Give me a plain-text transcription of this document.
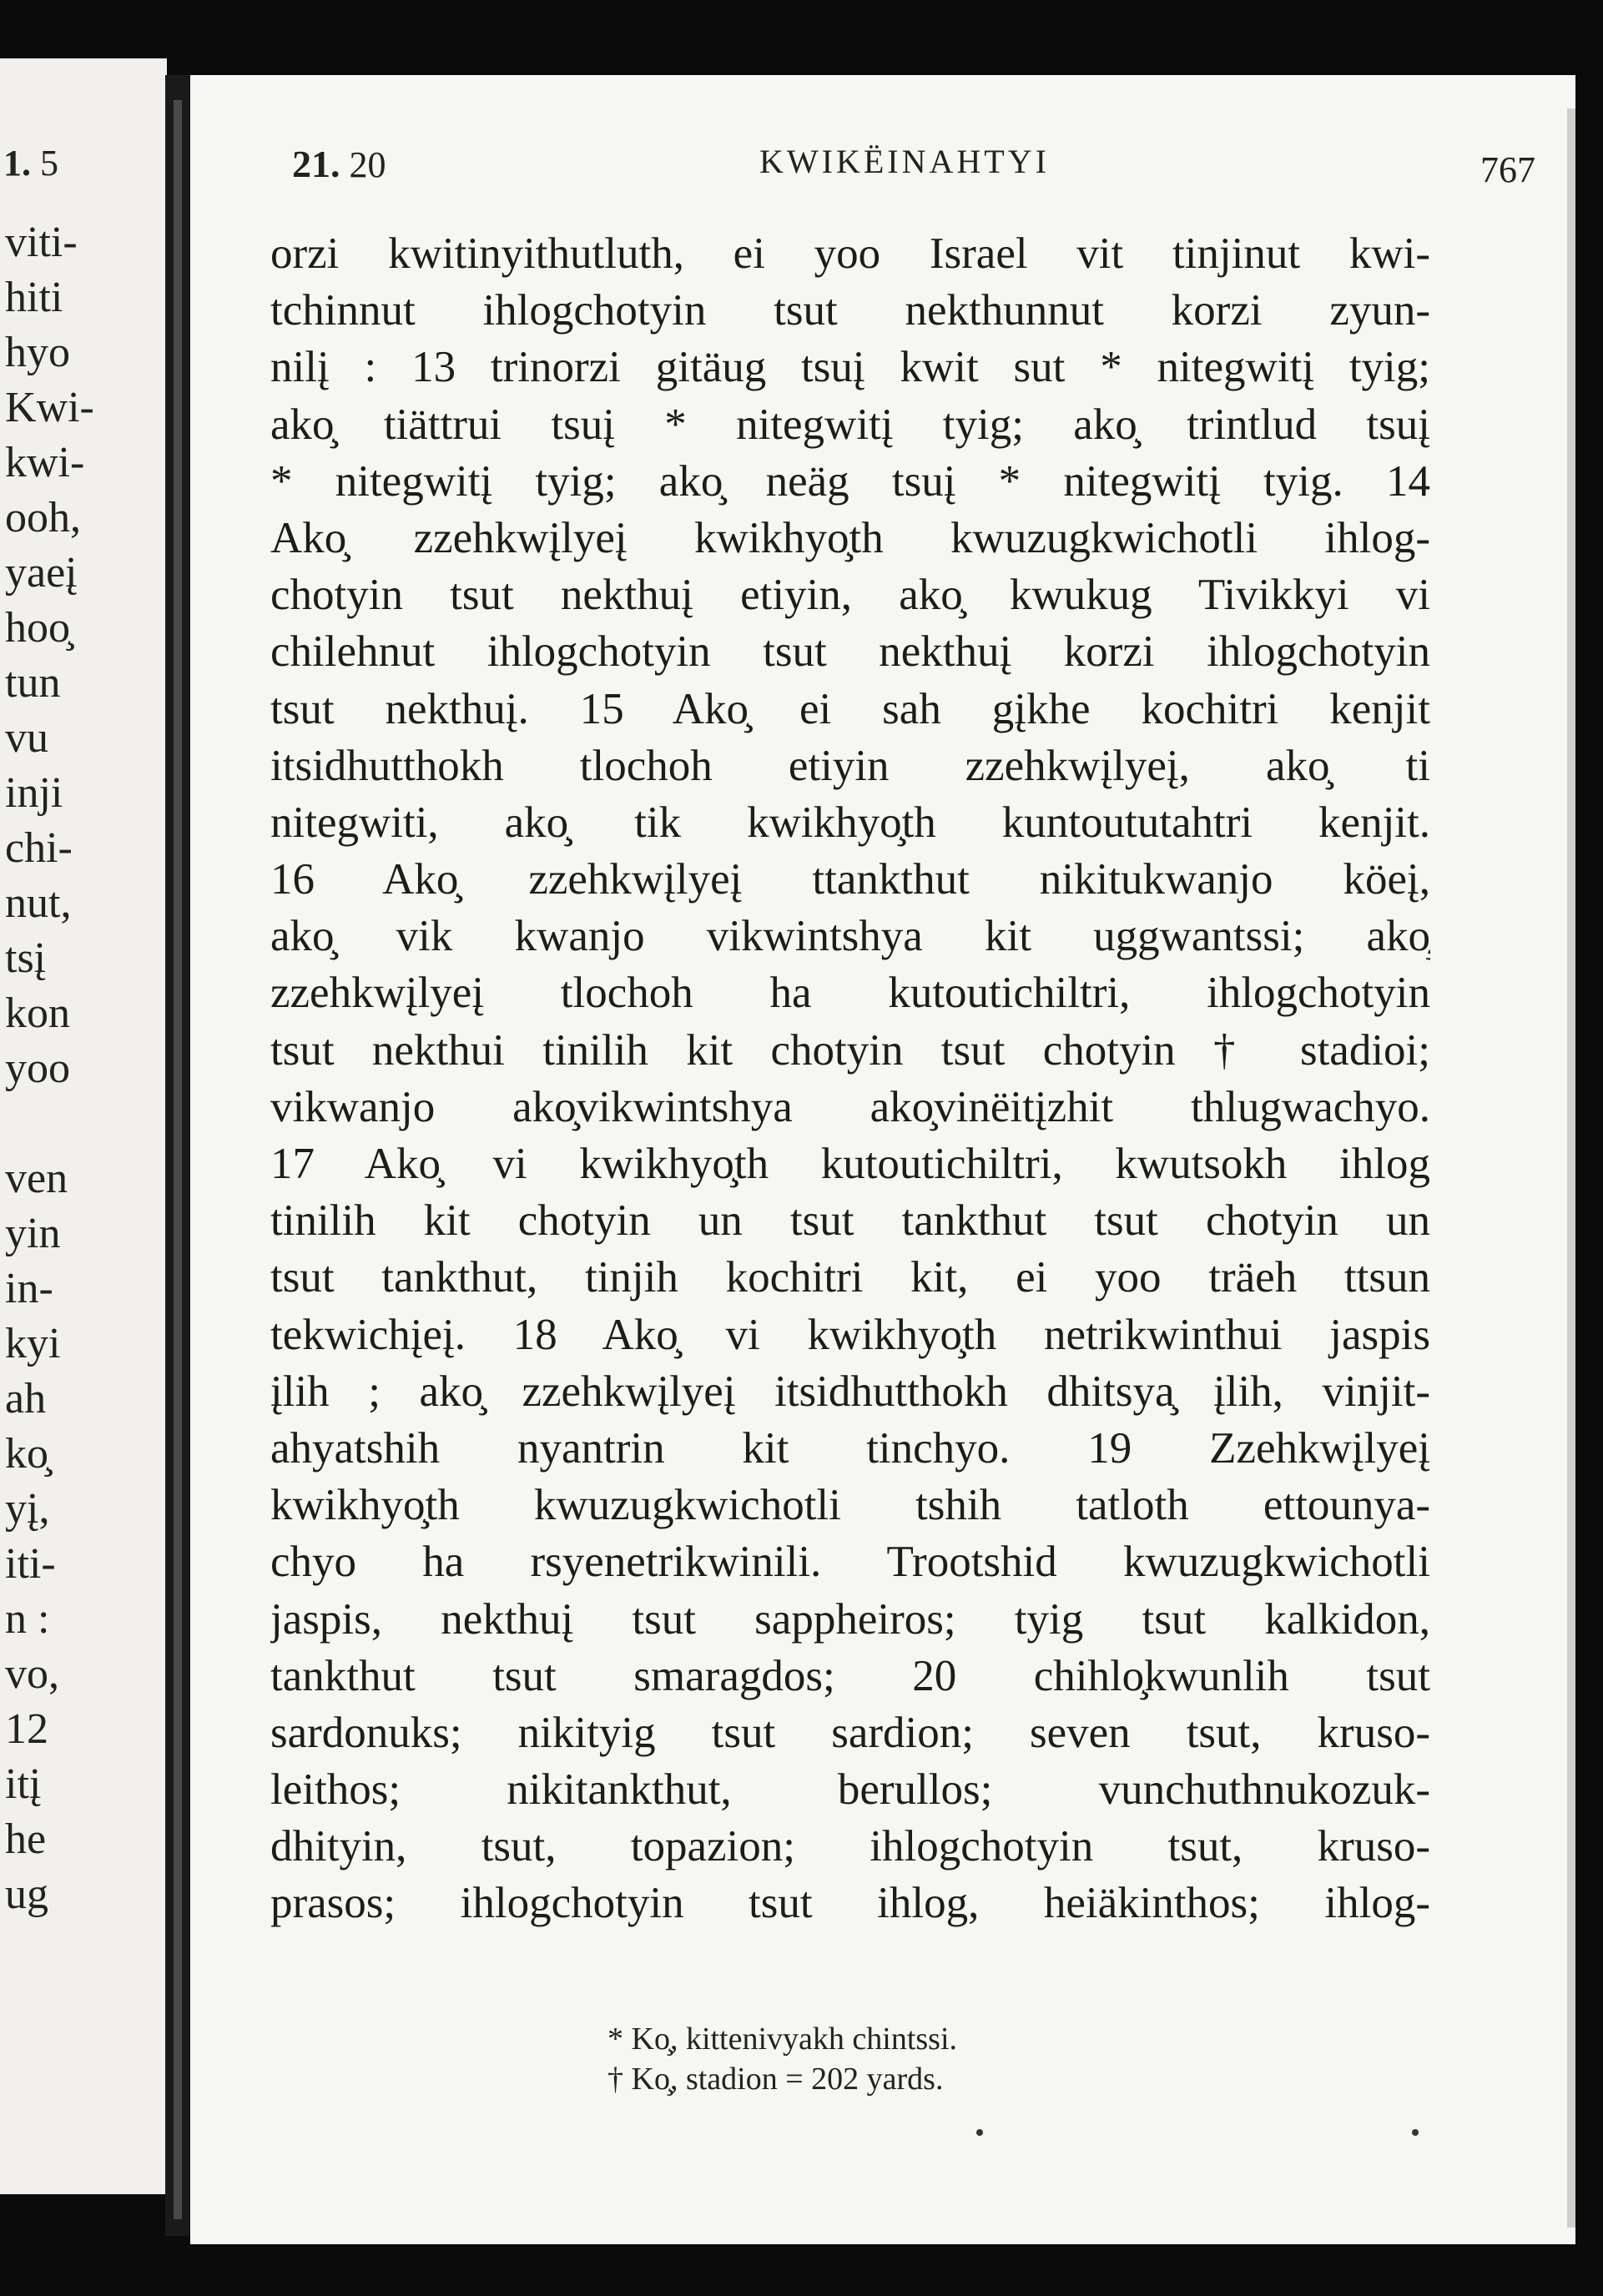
1. 5
viti-
hiti
hyo
Kwi-
kwi-
ooh,
yaeį
hoo̧
tun
vu
inji
chi-
nut,
tsį
kon
yoo
ven
yin
in-
kyi
ah
ko̧
yį,
iti-
n :
vo,
12
itį
he
ug
21. 20	KWIKËINAHTYI	767
orzi kwitinyithutluth, ei yoo Israel vit tinjinut kwi-
tchinnut ihlogchotyin tsut nekthunnut korzi zyun-
nilį : 13 trinorzi gitäug tsuį kwit sut * nitegwitį tyig;
ako̧ tiättrui tsuį * nitegwitį tyig; ako̧ trintlud tsuį
* nitegwitį tyig; ako̧ neäg tsuį * nitegwitį tyig. 14
Ako̧ zzehkwįlyeį kwikhyo̧th kwuzugkwichotli ihlog-
chotyin tsut nekthuį etiyin, ako̧ kwukug Tivikkyi vi
chilehnut ihlogchotyin tsut nekthuį korzi ihlogchotyin
tsut nekthuį. 15 Ako̧ ei sah gįkhe kochitri kenjit
itsidhutthokh tlochoh etiyin zzehkwįlyeį, ako̧ ti
nitegwiti, ako̧ tik kwikhyo̧th kuntoututahtri kenjit.
16 Ako̧ zzehkwįlyeį ttankthut nikitukwanjo köeį,
ako̧ vik kwanjo vikwintshya kit uggwantssi; ako̧
zzehkwįlyeį tlochoh ha kutoutichiltri, ihlogchotyin
tsut nekthui tinilih kit chotyin tsut chotyin † stadioi;
vikwanjo ako̧vikwintshya ako̧vinëitįzhit thlugwachyo.
17 Ako̧ vi kwikhyo̧th kutoutichiltri, kwutsokh ihlog
tinilih kit chotyin un tsut tankthut tsut chotyin un
tsut tankthut, tinjih kochitri kit, ei yoo träeh ttsun
tekwichįeį. 18 Ako̧ vi kwikhyo̧th netrikwinthui jaspis
įlih ; ako̧ zzehkwįlyeį itsidhutthokh dhitsya̧ įlih, vinjit-
ahyatshih nyantrin kit tinchyo. 19 Zzehkwįlyeį
kwikhyo̧th kwuzugkwichotli tshih tatloth ettounya-
chyo ha rsyenetrikwinili. Trootshid kwuzugkwichotli
jaspis, nekthuį tsut sappheiros; tyig tsut kalkidon,
tankthut tsut smaragdos; 20 chihlo̧kwunlih tsut
sardonuks; nikityig tsut sardion; seven tsut, kruso-
leithos; nikitankthut, berullos; vunchuthnukozuk-
dhityin, tsut, topazion; ihlogchotyin tsut, kruso-
prasos; ihlogchotyin tsut ihlog, heiäkinthos; ihlog-
* Ko̧, kittenivyakh chintssi.
† Ko̧, stadion = 202 yards.
